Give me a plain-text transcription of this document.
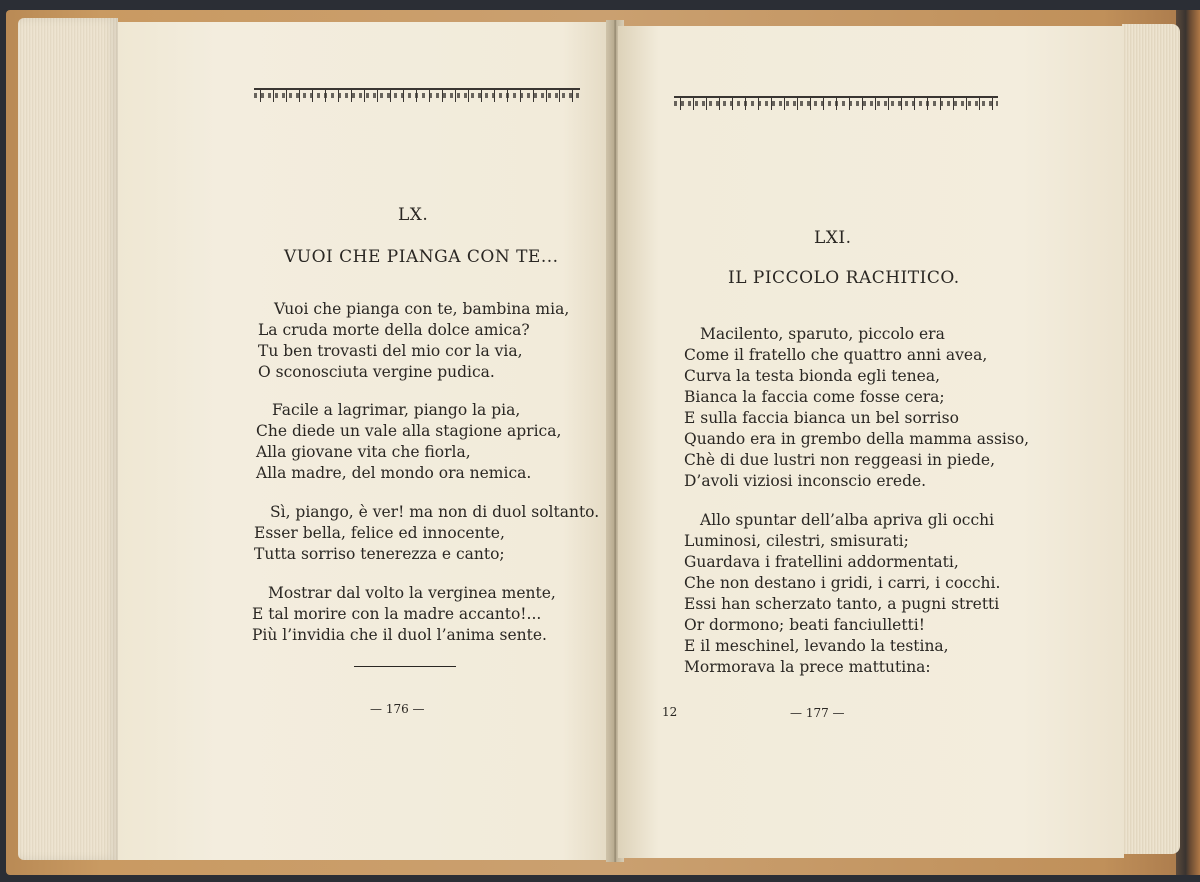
LX.
VUOI CHE PIANGA CON TE...
Vuoi che pianga con te, bambina mia,
La cruda morte della dolce amica?
Tu ben trovasti del mio cor la via,
O sconosciuta vergine pudica.
Facile a lagrimar, piango la pia,
Che diede un vale alla stagione aprica,
Alla giovane vita che fiorla,
Alla madre, del mondo ora nemica.
Sì, piango, è ver! ma non di duol soltanto.
Esser bella, felice ed innocente,
Tutta sorriso tenerezza e canto;
Mostrar dal volto la verginea mente,
E tal morire con la madre accanto!...
Più l’invidia che il duol l’anima sente.
— 176 —
LXI.
IL PICCOLO RACHITICO.
Macilento, sparuto, piccolo era
Come il fratello che quattro anni avea,
Curva la testa bionda egli tenea,
Bianca la faccia come fosse cera;
E sulla faccia bianca un bel sorriso
Quando era in grembo della mamma assiso,
Chè di due lustri non reggeasi in piede,
D’avoli viziosi inconscio erede.
Allo spuntar dell’alba apriva gli occhi
Luminosi, cilestri, smisurati;
Guardava i fratellini addormentati,
Che non destano i gridi, i carri, i cocchi.
Essi han scherzato tanto, a pugni stretti
Or dormono; beati fanciulletti!
E il meschinel, levando la testina,
Mormorava la prece mattutina:
12	— 177 —
